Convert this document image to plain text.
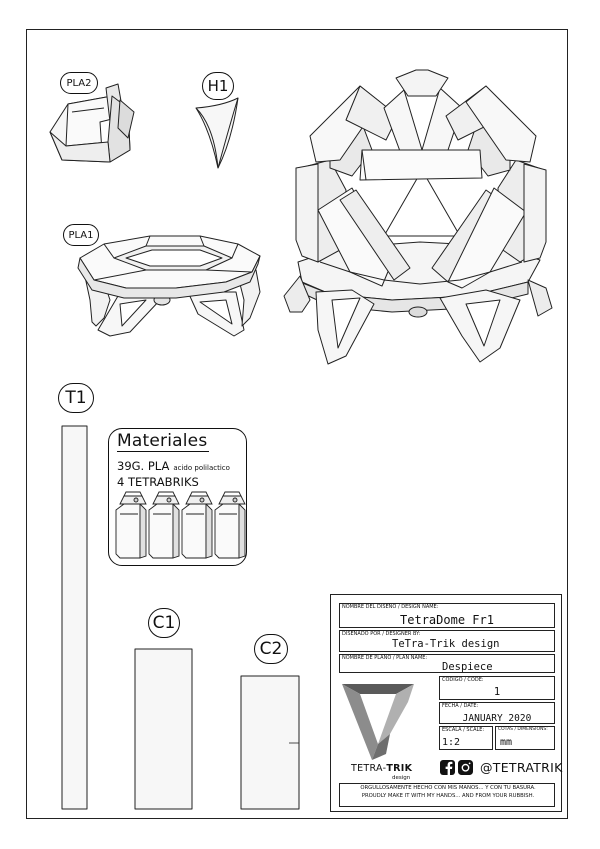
PLA2	H1
PLA1
T1
C1
C2
Materiales
39G. PLA acido polilactico
4 TETRABRIKS
NOMBRE DEL DISEÑO / DESIGN NAME:
TetraDome Fr1
DISEÑADO POR / DESIGNER BY:
TeTra-Trik design
NOMBRE DE PLANO / PLAN NAME:
Despiece
CODIGO / CODE:
1
FECHA / DATE:
JANUARY 2020
ESCALA / SCALE:
1:2
COTAS / DIMENSIONS:
mm
TETRA-TRIK
design
@TETRATRIK
ORGULLOSAMENTE HECHO CON MIS MANOS... Y CON TU BASURA.
PROUDLY MAKE IT WITH MY HANDS... AND FROM YOUR RUBBISH.
